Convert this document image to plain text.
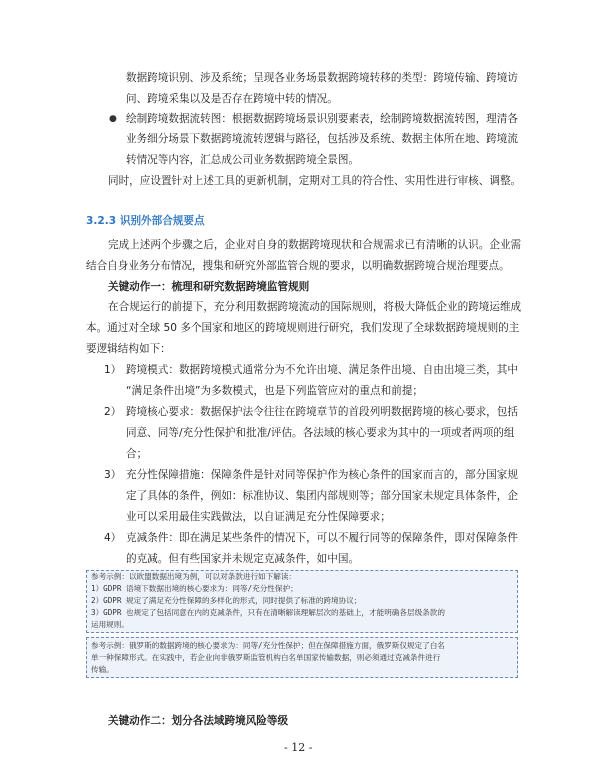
数据跨境识别、涉及系统；呈现各业务场景数据跨境转移的类型：跨境传输、跨境访
问、跨境采集以及是否存在跨境中转的情况。
● 绘制跨境数据流转图：根据数据跨境场景识别要素表，绘制跨境数据流转图，理清各
业务细分场景下数据跨境流转逻辑与路径，包括涉及系统、数据主体所在地、跨境流
转情况等内容，汇总成公司业务数据跨境全景图。
同时，应设置针对上述工具的更新机制，定期对工具的符合性、实用性进行审核、调整。
3.2.3 识别外部合规要点
完成上述两个步骤之后，企业对自身的数据跨境现状和合规需求已有清晰的认识。企业需
结合自身业务分布情况，搜集和研究外部监管合规的要求，以明确数据跨境合规治理要点。
关键动作一：梳理和研究数据跨境监管规则
在合规运行的前提下，充分利用数据跨境流动的国际规则，将极大降低企业的跨境运维成
本。通过对全球 50 多个国家和地区的跨境规则进行研究，我们发现了全球数据跨境规则的主
要逻辑结构如下：
1） 跨境模式：数据跨境模式通常分为不允许出境、满足条件出境、自由出境三类，其中
“满足条件出境”为多数模式，也是下列监管应对的重点和前提；
2） 跨境核心要求：数据保护法令往往在跨境章节的首段列明数据跨境的核心要求，包括
同意、同等/充分性保护和批准/评估。各法域的核心要求为其中的一项或者两项的组
合；
3） 充分性保障措施：保障条件是针对同等保护作为核心条件的国家而言的，部分国家规
定了具体的条件，例如：标准协议、集团内部规则等；部分国家未规定具体条件，企
业可以采用最佳实践做法，以自证满足充分性保障要求；
4） 克减条件：即在满足某些条件的情况下，可以不履行同等的保障条件，即对保障条件
的克减。但有些国家并未规定克减条件，如中国。
参考示例：以欧盟数据出境为例，可以对条款进行如下解读：
1）GDPR 语境下数据出境的核心要求为：同等/充分性保护；
2）GDPR 规定了满足充分性保障的多样化的形式，同时提供了标准的跨境协议；
3）GDPR 也规定了包括同意在内的克减条件，只有在清晰解读理解层次的基础上，才能明确各层级条款的
运用规则。
参考示例：俄罗斯的数据跨境的核心要求为：同等/充分性保护；但在保障措施方面，俄罗斯仅规定了白名
单一种保障形式。在实践中，若企业向非俄罗斯监管机构白名单国家传输数据，则必须通过克减条件进行
传输。
关键动作二：划分各法域跨境风险等级
- 12 -
